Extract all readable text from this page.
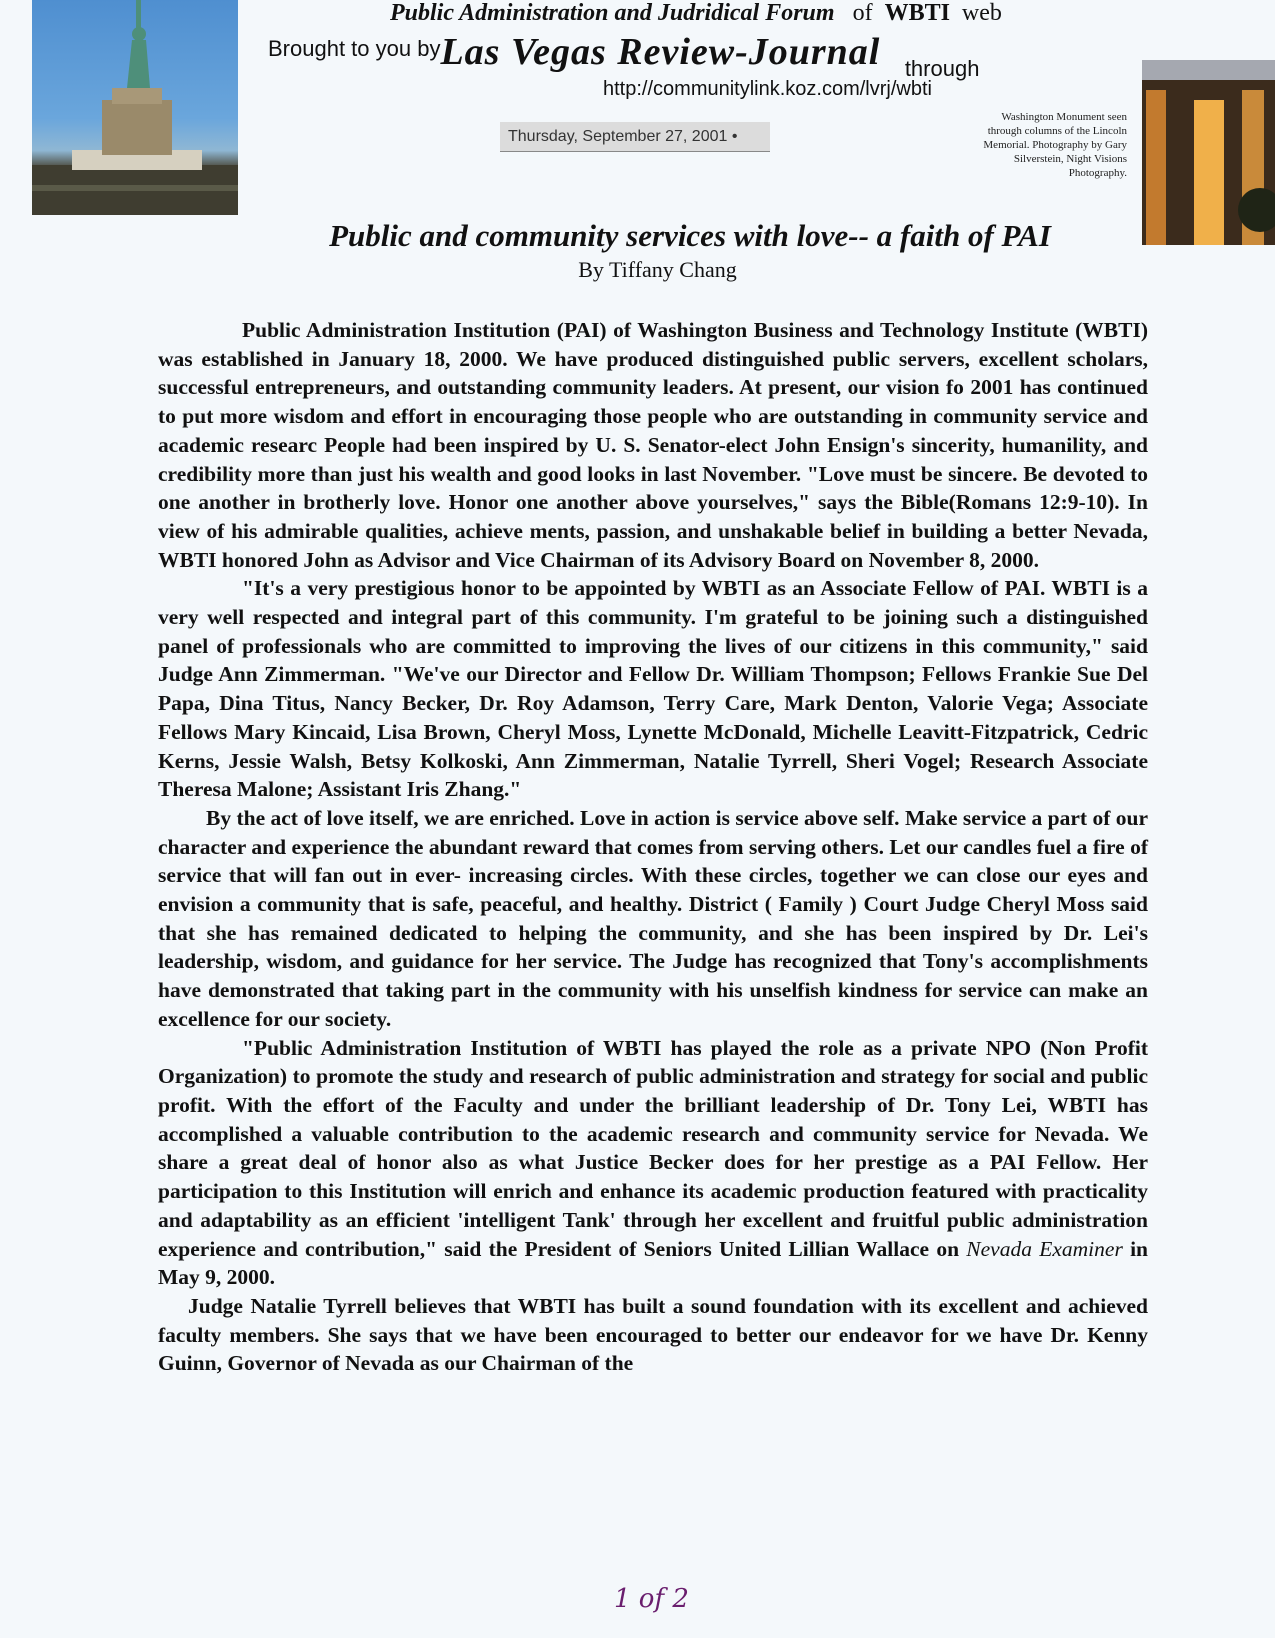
Public Administration and Judridical Forum of WBTI web
Brought to you byLas Vegas Review-Journal through
http://communitylink.koz.com/lvrj/wbti
Thursday, September 27, 2001 •
Washington Monument seen through columns of the Lincoln Memorial. Photography by Gary Silverstein, Night Visions Photography.
Public and community services with love-- a faith of PAI
By Tiffany Chang

Public Administration Institution (PAI) of Washington Business and Technology Institute (WBTI) was established in January 18, 2000. We have produced distinguished public servers, excellent scholars, successful entrepreneurs, and outstanding community leaders. At present, our vision fo 2001 has continued to put more wisdom and effort in encouraging those people who are outstanding in community service and academic researc People had been inspired by U. S. Senator-elect John Ensign's sincerity, humanility, and credibility more than just his wealth and good looks in last November. "Love must be sincere. Be devoted to one another in brotherly love. Honor one another above yourselves," says the Bible(Romans 12:9-10). In view of his admirable qualities, achieve ments, passion, and unshakable belief in building a better Nevada, WBTI honored John as Advisor and Vice Chairman of its Advisory Board on November 8, 2000.

"It's a very prestigious honor to be appointed by WBTI as an Associate Fellow of PAI. WBTI is a very well respected and integral part of this community. I'm grateful to be joining such a distinguished panel of professionals who are committed to improving the lives of our citizens in this community," said Judge Ann Zimmerman. "We've our Director and Fellow Dr. William Thompson; Fellows Frankie Sue Del Papa, Dina Titus, Nancy Becker, Dr. Roy Adamson, Terry Care, Mark Denton, Valorie Vega; Associate Fellows Mary Kincaid, Lisa Brown, Cheryl Moss, Lynette McDonald, Michelle Leavitt-Fitzpatrick, Cedric Kerns, Jessie Walsh, Betsy Kolkoski, Ann Zimmerman, Natalie Tyrrell, Sheri Vogel; Research Associate Theresa Malone; Assistant Iris Zhang."

By the act of love itself, we are enriched. Love in action is service above self. Make service a part of our character and experience the abundant reward that comes from serving others. Let our candles fuel a fire of service that will fan out in ever- increasing circles. With these circles, together we can close our eyes and envision a community that is safe, peaceful, and healthy. District ( Family ) Court Judge Cheryl Moss said that she has remained dedicated to helping the community, and she has been inspired by Dr. Lei's leadership, wisdom, and guidance for her service. The Judge has recognized that Tony's accomplishments have demonstrated that taking part in the community with his unselfish kindness for service can make an excellence for our society.

"Public Administration Institution of WBTI has played the role as a private NPO (Non Profit Organization) to promote the study and research of public administration and strategy for social and public profit. With the effort of the Faculty and under the brilliant leadership of Dr. Tony Lei, WBTI has accomplished a valuable contribution to the academic research and community service for Nevada. We share a great deal of honor also as what Justice Becker does for her prestige as a PAI Fellow. Her participation to this Institution will enrich and enhance its academic production featured with practicality and adaptability as an efficient 'intelligent Tank' through her excellent and fruitful public administration experience and contribution," said the President of Seniors United Lillian Wallace on Nevada Examiner in May 9, 2000.

Judge Natalie Tyrrell believes that WBTI has built a sound foundation with its excellent and achieved faculty members. She says that we have been encouraged to better our endeavor for we have Dr. Kenny Guinn, Governor of Nevada as our Chairman of the

1 of 2
